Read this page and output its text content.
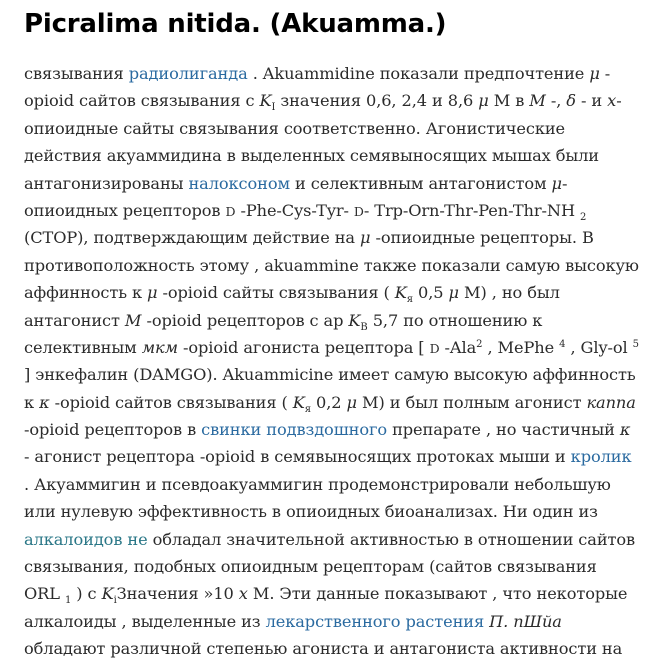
Picralima nitida. (Akuamma.)
связывания радиолиганда . Akuammidine показали предпочтение μ -
opioid сайтов связывания с $K_I$ значения 0,6, 2,4 и 8,6 μ M в M -, δ - и x-
опиоидные сайты связывания соответственно. Агонистические
действия акуаммидина в выделенных семявыносящих мышах были
антагонизированы налоксоном и селективным антагонистом μ-
опиоидных рецепторов D -Phe-Cys-Tyr- D- Trp-Orn-Thr-Pen-Thr-NH $_2$
(CTOP), подтверждающим действие на μ -опиоидные рецепторы. В
противоположность этому , akuammine также показали самую высокую
аффинность к μ -opioid сайты связывания ( $K_я$ 0,5 μ M) , но был
антагонист M -opioid рецепторов с ар $K_B$ 5,7 по отношению к
селективным мкм -opioid агониста рецептора [ D -Ala$^2$ , MePhe $^4$ , Gly-ol $^5$
] энкефалин (DAMGO). Akuammicine имеет самую высокую аффинность
к κ -opioid сайтов связывания ( $K_я$ 0,2 μ M) и был полным агонист каппа
-opioid рецепторов в свинки подвздошного препарате , но частичный κ
- агонист рецептора -opioid в семявыносящих протоках мыши и кролик
. Акуаммигин и псевдоакуаммигин продемонстрировали небольшую
или нулевую эффективность в опиоидных биоанализах. Ни один из
алкалоидов не обладал значительной активностью в отношении сайтов
связывания, подобных опиоидным рецепторам (сайтов связывания
ORL $_1$ ) с $K_iЗначения$ »10 x M. Эти данные показывают , что некоторые
алкалоиды , выделенные из лекарственного растения П. пШйа
обладают различной степенью агониста и антагониста активности на
